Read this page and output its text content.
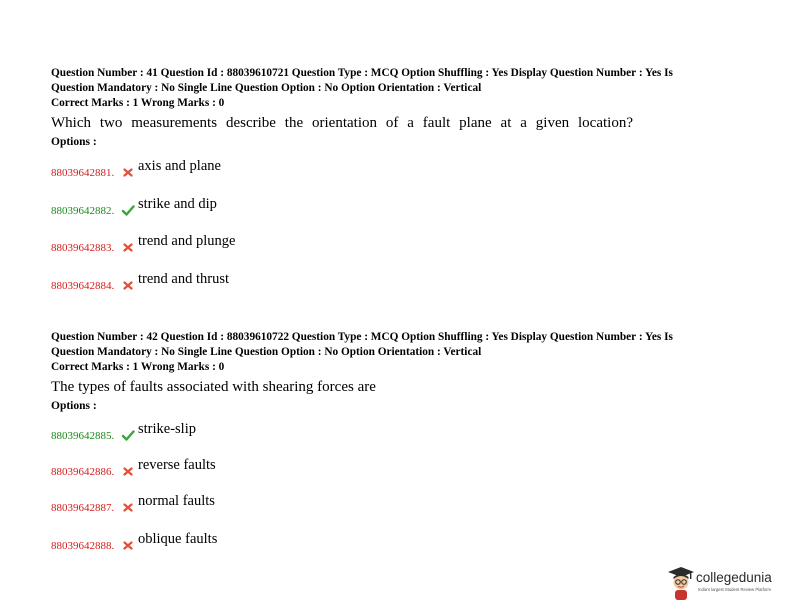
Question Number : 41 Question Id : 88039610721 Question Type : MCQ Option Shuffling : Yes Display Question Number : Yes Is
Question Mandatory : No Single Line Question Option : No Option Orientation : Vertical
Correct Marks : 1 Wrong Marks : 0
Which two measurements describe the orientation of a fault plane at a given location?
Options :
88039642881.	axis and plane
88039642882.	strike and dip
88039642883.	trend and plunge
88039642884.	trend and thrust
Question Number : 42 Question Id : 88039610722 Question Type : MCQ Option Shuffling : Yes Display Question Number : Yes Is
Question Mandatory : No Single Line Question Option : No Option Orientation : Vertical
Correct Marks : 1 Wrong Marks : 0
The types of faults associated with shearing forces are
Options :
88039642885.	strike-slip
88039642886.	reverse faults
88039642887.	normal faults
88039642888.	oblique faults
collegedunia
India's largest Student Review Platform
